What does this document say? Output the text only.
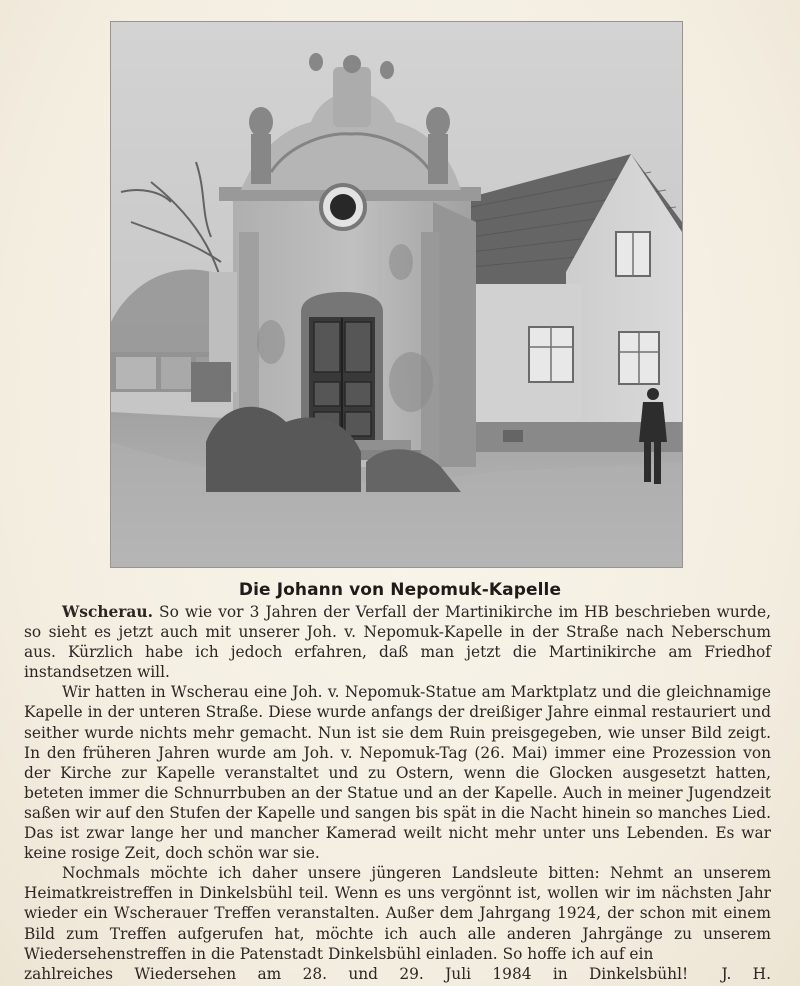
Die Johann von Nepomuk-Kapelle

Wscherau. So wie vor 3 Jahren der Verfall der Martinikirche im HB beschrieben wurde, so sieht es jetzt auch mit unserer Joh. v. Nepomuk-Kapelle in der Straße nach Neberschum aus. Kürzlich habe ich jedoch erfahren, daß man jetzt die Martinikirche am Friedhof instandsetzen will.

Wir hatten in Wscherau eine Joh. v. Nepomuk-Statue am Marktplatz und die gleichnamige Kapelle in der unteren Straße. Diese wurde anfangs der dreißiger Jahre einmal restauriert und seither wurde nichts mehr gemacht. Nun ist sie dem Ruin preisgegeben, wie unser Bild zeigt. In den früheren Jahren wurde am Joh. v. Nepomuk-Tag (26. Mai) immer eine Prozession von der Kirche zur Kapelle veranstaltet und zu Ostern, wenn die Glocken ausgesetzt hatten, beteten immer die Schnurrbuben an der Statue und an der Kapelle. Auch in meiner Jugendzeit saßen wir auf den Stufen der Kapelle und sangen bis spät in die Nacht hinein so manches Lied. Das ist zwar lange her und mancher Kamerad weilt nicht mehr unter uns Lebenden. Es war keine rosige Zeit, doch schön war sie.

Nochmals möchte ich daher unsere jüngeren Landsleute bitten: Nehmt an unserem Heimatkreistreffen in Dinkelsbühl teil. Wenn es uns vergönnt ist, wollen wir im nächsten Jahr wieder ein Wscherauer Treffen veranstalten. Außer dem Jahrgang 1924, der schon mit einem Bild zum Treffen aufgerufen hat, möchte ich auch alle anderen Jahrgänge zu unserem Wiedersehenstreffen in die Patenstadt Dinkelsbühl einladen. So hoffe ich auf ein

zahlreiches Wiedersehen am 28. und 29. Juli 1984 in Dinkelsbühl! J. H.
